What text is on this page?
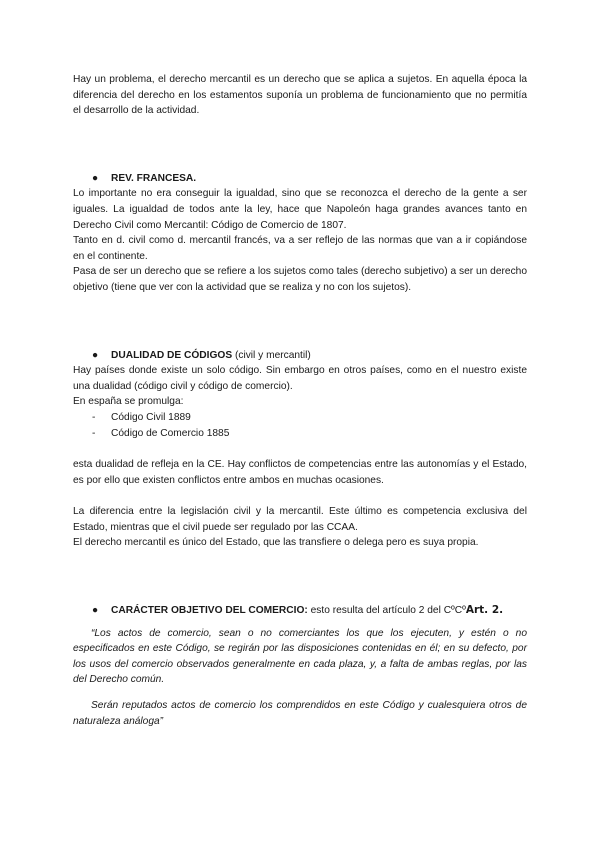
Hay un problema, el derecho mercantil es un derecho que se aplica a sujetos. En aquella época la diferencia del derecho en los estamentos suponía un problema de funcionamiento que no permitía el desarrollo de la actividad.

● REV. FRANCESA.

Lo importante no era conseguir la igualdad, sino que se reconozca el derecho de la gente a ser iguales. La igualdad de todos ante la ley, hace que Napoleón haga grandes avances tanto en Derecho Civil como Mercantil: Código de Comercio de 1807.

Tanto en d. civil como d. mercantil francés, va a ser reflejo de las normas que van a ir copiándose en el continente.

Pasa de ser un derecho que se refiere a los sujetos como tales (derecho subjetivo) a ser un derecho objetivo (tiene que ver con la actividad que se realiza y no con los sujetos).

● DUALIDAD DE CÓDIGOS (civil y mercantil)

Hay países donde existe un solo código. Sin embargo en otros países, como en el nuestro existe una dualidad (código civil y código de comercio).

En españa se promulga:

- Código Civil 1889
- Código de Comercio 1885

esta dualidad de refleja en la CE. Hay conflictos de competencias entre las autonomías y el Estado, es por ello que existen conflictos entre ambos en muchas ocasiones.

La diferencia entre la legislación civil y la mercantil. Este último es competencia exclusiva del Estado, mientras que el civil puede ser regulado por las CCAA.

El derecho mercantil es único del Estado, que las transfiere o delega pero es suya propia.

● CARÁCTER OBJETIVO DEL COMERCIO: esto resulta del artículo 2 del CºCºArt. 2.

“Los actos de comercio, sean o no comerciantes los que los ejecuten, y estén o no especificados en este Código, se regirán por las disposiciones contenidas en él; en su defecto, por los usos del comercio observados generalmente en cada plaza, y, a falta de ambas reglas, por las del Derecho común.

Serán reputados actos de comercio los comprendidos en este Código y cualesquiera otros de naturaleza análoga”
